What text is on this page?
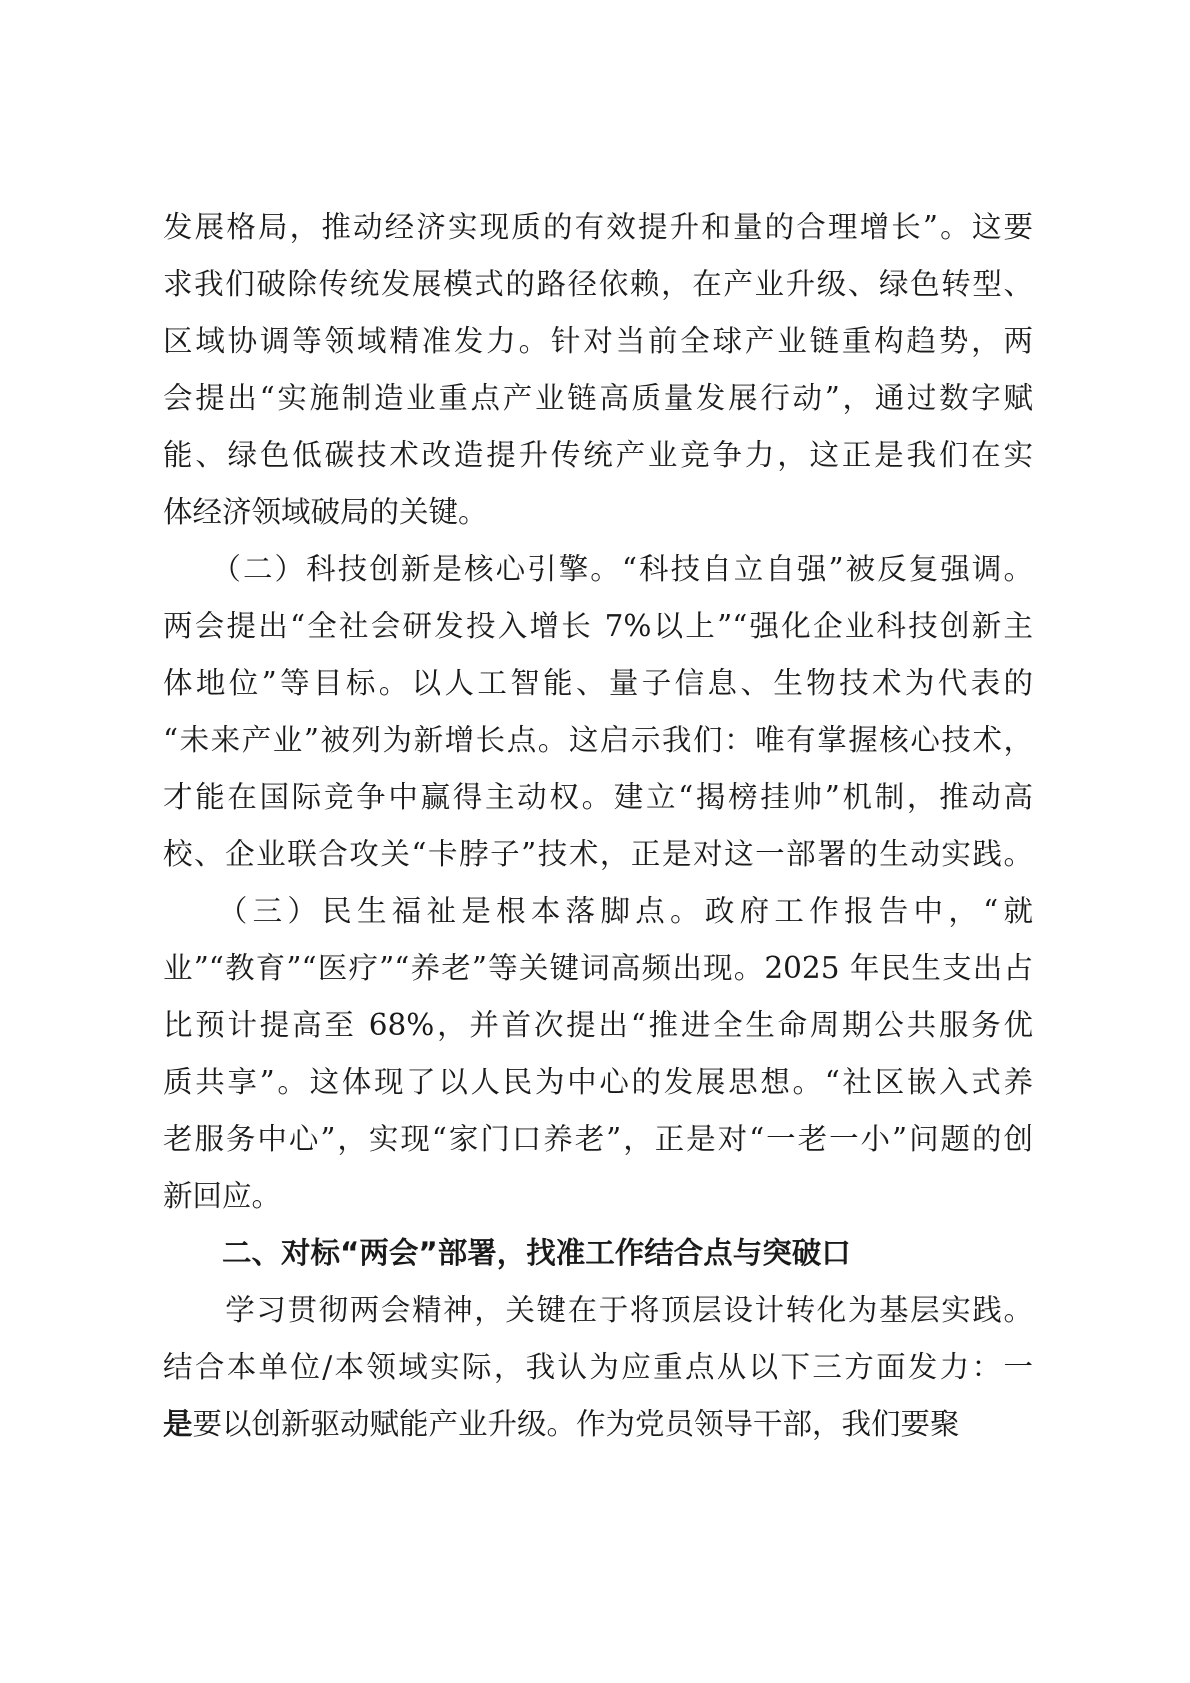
发展格局，推动经济实现质的有效提升和量的合理增长”。这要
求我们破除传统发展模式的路径依赖，在产业升级、绿色转型、
区域协调等领域精准发力。针对当前全球产业链重构趋势，两
会提出“实施制造业重点产业链高质量发展行动”，通过数字赋
能、绿色低碳技术改造提升传统产业竞争力，这正是我们在实
体经济领域破局的关键。
　　（二）科技创新是核心引擎。“科技自立自强”被反复强调。
两会提出“全社会研发投入增长 7%以上”“强化企业科技创新主
体地位”等目标。以人工智能、量子信息、生物技术为代表的
“未来产业”被列为新增长点。这启示我们：唯有掌握核心技术，
才能在国际竞争中赢得主动权。建立“揭榜挂帅”机制，推动高
校、企业联合攻关“卡脖子”技术，正是对这一部署的生动实践。
　　（三）民生福祉是根本落脚点。政府工作报告中，“就
业”“教育”“医疗”“养老”等关键词高频出现。2025 年民生支出占
比预计提高至 68%，并首次提出“推进全生命周期公共服务优
质共享”。这体现了以人民为中心的发展思想。“社区嵌入式养
老服务中心”，实现“家门口养老”，正是对“一老一小”问题的创
新回应。
　　二、对标“两会”部署，找准工作结合点与突破口
　　学习贯彻两会精神，关键在于将顶层设计转化为基层实践。
结合本单位/本领域实际，我认为应重点从以下三方面发力：一
是要以创新驱动赋能产业升级。作为党员领导干部，我们要聚
